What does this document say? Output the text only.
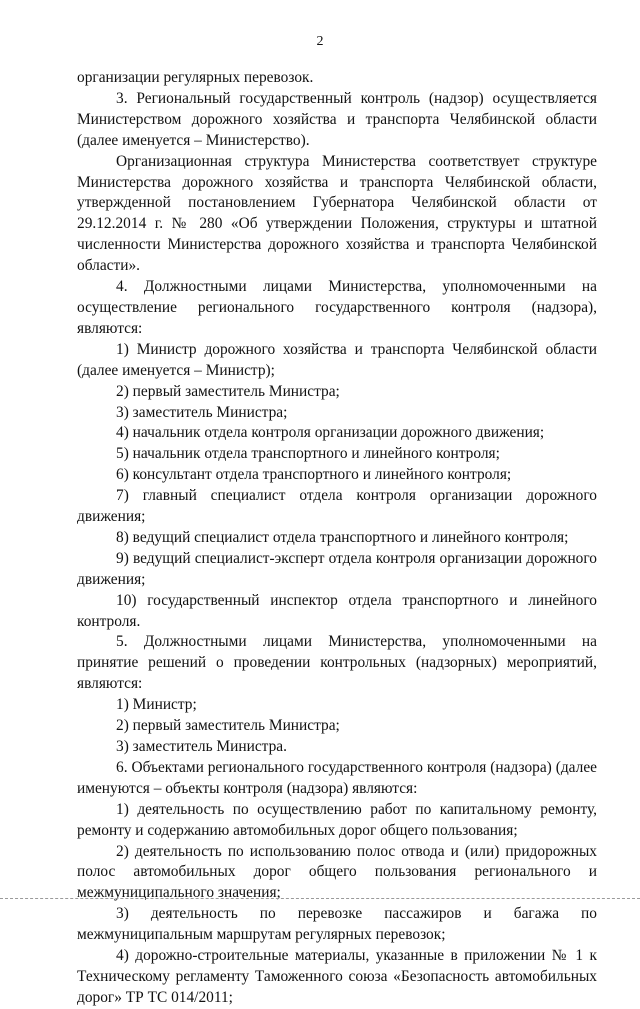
2

организации регулярных перевозок.

3. Региональный государственный контроль (надзор) осуществляется Министерством дорожного хозяйства и транспорта Челябинской области (далее именуется – Министерство).

Организационная структура Министерства соответствует структуре Министерства дорожного хозяйства и транспорта Челябинской области, утвержденной постановлением Губернатора Челябинской области от 29.12.2014 г. № 280 «Об утверждении Положения, структуры и штатной численности Министерства дорожного хозяйства и транспорта Челябинской области».

4. Должностными лицами Министерства, уполномоченными на осуществление регионального государственного контроля (надзора), являются:

1) Министр дорожного хозяйства и транспорта Челябинской области (далее именуется – Министр);

2) первый заместитель Министра;

3) заместитель Министра;

4) начальник отдела контроля организации дорожного движения;

5) начальник отдела транспортного и линейного контроля;

6) консультант отдела транспортного и линейного контроля;

7) главный специалист отдела контроля организации дорожного движения;

8) ведущий специалист отдела транспортного и линейного контроля;

9) ведущий специалист-эксперт отдела контроля организации дорожного движения;

10) государственный инспектор отдела транспортного и линейного контроля.

5. Должностными лицами Министерства, уполномоченными на принятие решений о проведении контрольных (надзорных) мероприятий, являются:

1) Министр;

2) первый заместитель Министра;

3) заместитель Министра.

6. Объектами регионального государственного контроля (надзора) (далее именуются – объекты контроля (надзора) являются:

1) деятельность по осуществлению работ по капитальному ремонту, ремонту и содержанию автомобильных дорог общего пользования;

2) деятельность по использованию полос отвода и (или) придорожных полос автомобильных дорог общего пользования регионального и межмуниципального значения;

3) деятельность по перевозке пассажиров и багажа по межмуниципальным маршрутам регулярных перевозок;

4) дорожно-строительные материалы, указанные в приложении № 1 к Техническому регламенту Таможенного союза «Безопасность автомобильных дорог» ТР ТС 014/2011;
